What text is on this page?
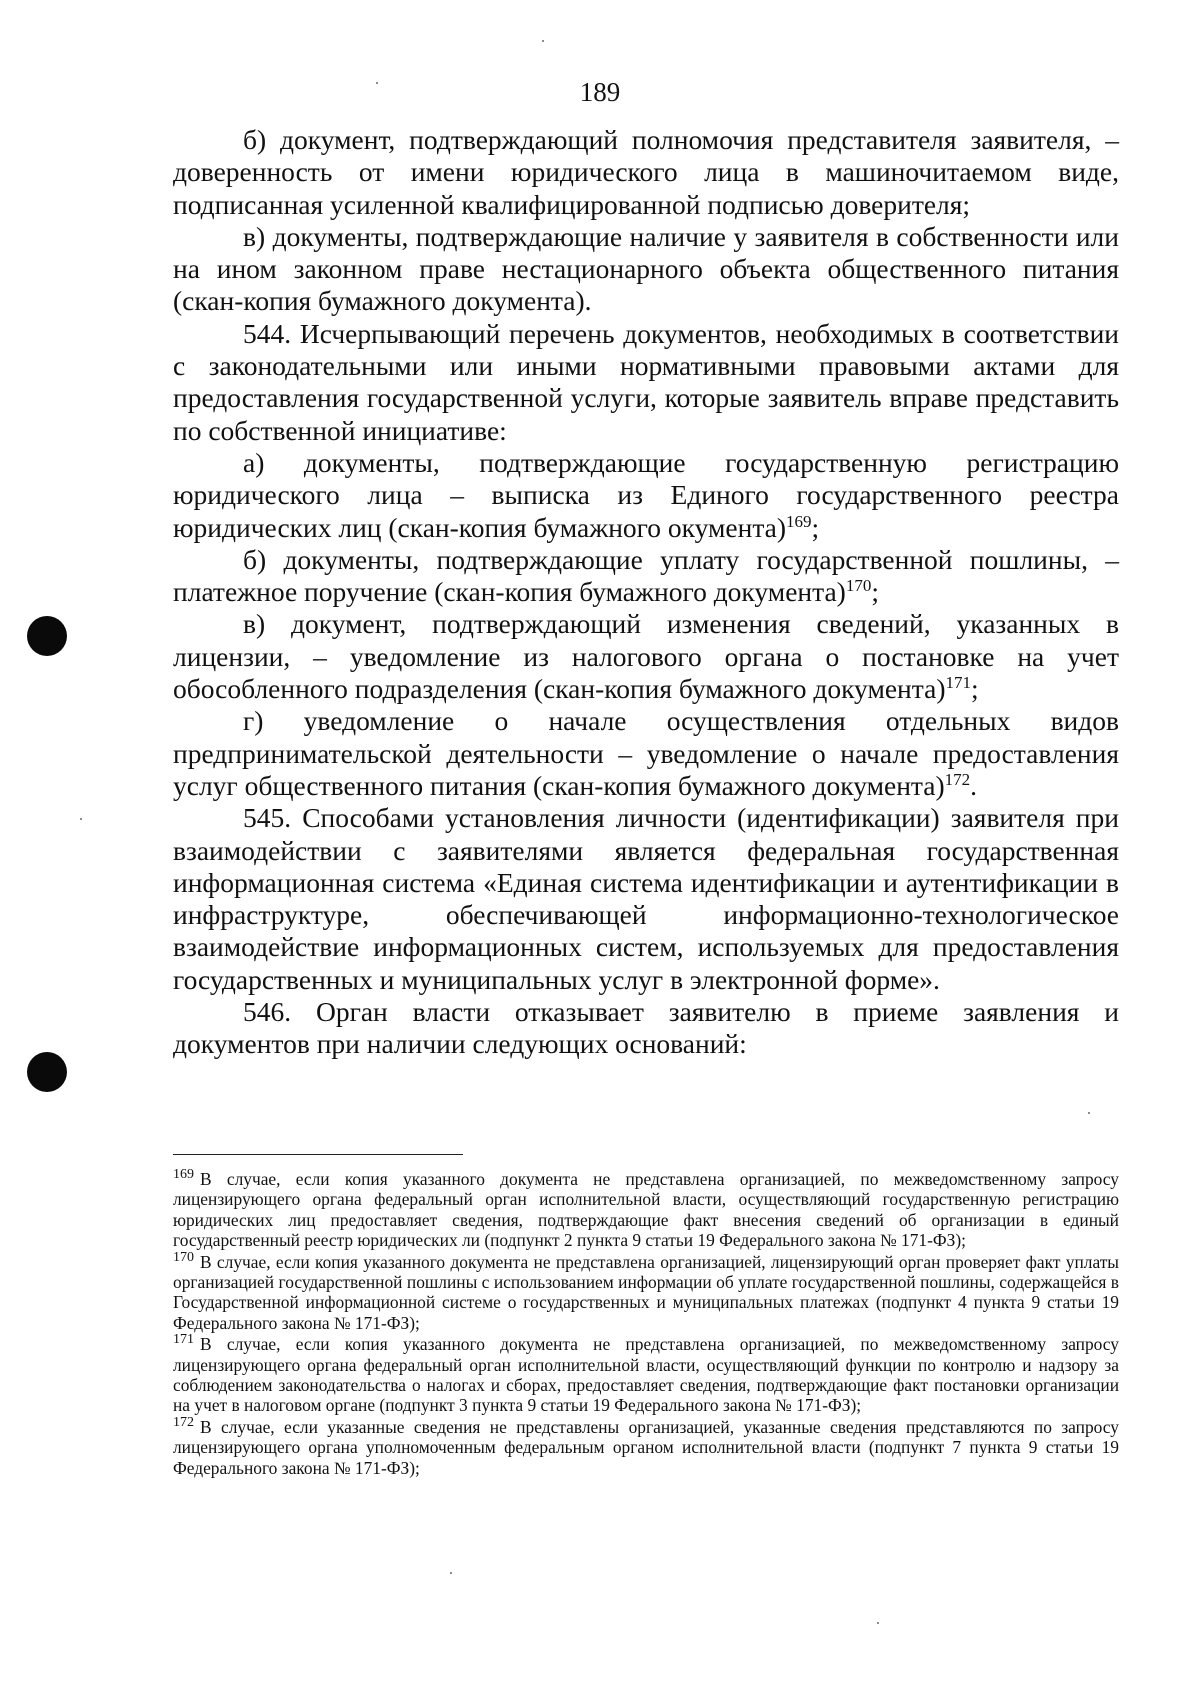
189

б) документ, подтверждающий полномочия представителя заявителя, – доверенность от имени юридического лица в машиночитаемом виде, подписанная усиленной квалифицированной подписью доверителя;

в) документы, подтверждающие наличие у заявителя в собственности или на ином законном праве нестационарного объекта общественного питания (скан-копия бумажного документа).

544. Исчерпывающий перечень документов, необходимых в соответствии с законодательными или иными нормативными правовыми актами для предоставления государственной услуги, которые заявитель вправе представить по собственной инициативе:

а) документы, подтверждающие государственную регистрацию юридического лица – выписка из Единого государственного реестра юридических лиц (скан-копия бумажного окумента)$^{169}$;

б) документы, подтверждающие уплату государственной пошлины, – платежное поручение (скан-копия бумажного документа)$^{170}$;

в) документ, подтверждающий изменения сведений, указанных в лицензии, – уведомление из налогового органа о постановке на учет обособленного подразделения (скан-копия бумажного документа)$^{171}$;

г) уведомление о начале осуществления отдельных видов предпринимательской деятельности – уведомление о начале предоставления услуг общественного питания (скан-копия бумажного документа)$^{172}$.

545. Способами установления личности (идентификации) заявителя при взаимодействии с заявителями является федеральная государственная информационная система «Единая система идентификации и аутентификации в инфраструктуре, обеспечивающей информационно-технологическое взаимодействие информационных систем, используемых для предоставления государственных и муниципальных услуг в электронной форме».

546. Орган власти отказывает заявителю в приеме заявления и документов при наличии следующих оснований:

$^{169}$ В случае, если копия указанного документа не представлена организацией, по межведомственному запросу лицензирующего органа федеральный орган исполнительной власти, осуществляющий государственную регистрацию юридических лиц предоставляет сведения, подтверждающие факт внесения сведений об организации в единый государственный реестр юридических ли (подпункт 2 пункта 9 статьи 19 Федерального закона № 171-ФЗ);

$^{170}$ В случае, если копия указанного документа не представлена организацией, лицензирующий орган проверяет факт уплаты организацией государственной пошлины с использованием информации об уплате государственной пошлины, содержащейся в Государственной информационной системе о государственных и муниципальных платежах (подпункт 4 пункта 9 статьи 19 Федерального закона № 171-ФЗ);

$^{171}$ В случае, если копия указанного документа не представлена организацией, по межведомственному запросу лицензирующего органа федеральный орган исполнительной власти, осуществляющий функции по контролю и надзору за соблюдением законодательства о налогах и сборах, предоставляет сведения, подтверждающие факт постановки организации на учет в налоговом органе (подпункт 3 пункта 9 статьи 19 Федерального закона № 171-ФЗ);

$^{172}$ В случае, если указанные сведения не представлены организацией, указанные сведения представляются по запросу лицензирующего органа уполномоченным федеральным органом исполнительной власти (подпункт 7 пункта 9 статьи 19 Федерального закона № 171-ФЗ);
